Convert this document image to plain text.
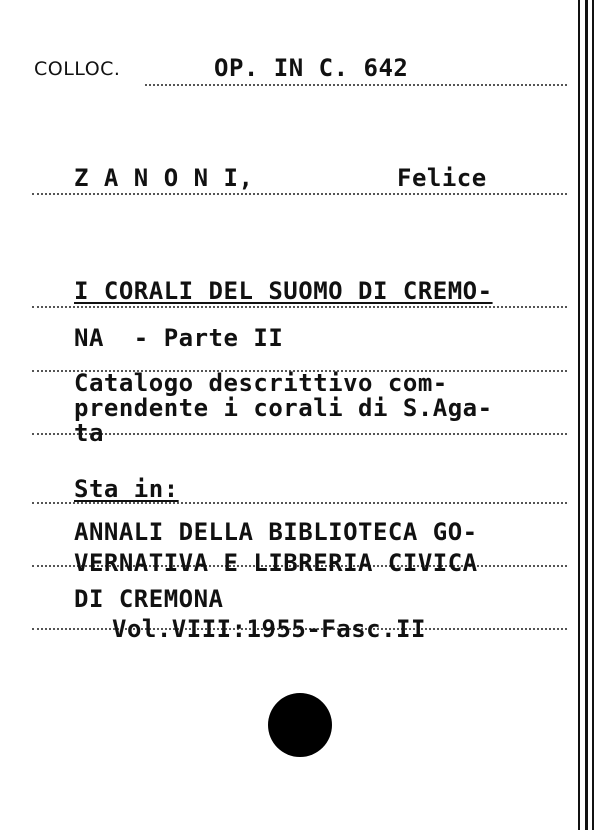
COLLOC.	OP. IN C. 642
Z A N O N I,	Felice
I CORALI DEL SUOMO DI CREMO-
NA  - Parte II
Catalogo descrittivo com-
prendente i corali di S.Aga-
ta
Sta in:
ANNALI DELLA BIBLIOTECA GO-
VERNATIVA E LIBRERIA CIVICA
DI CREMONA
Vol.VIII:1955-Fasc.II
